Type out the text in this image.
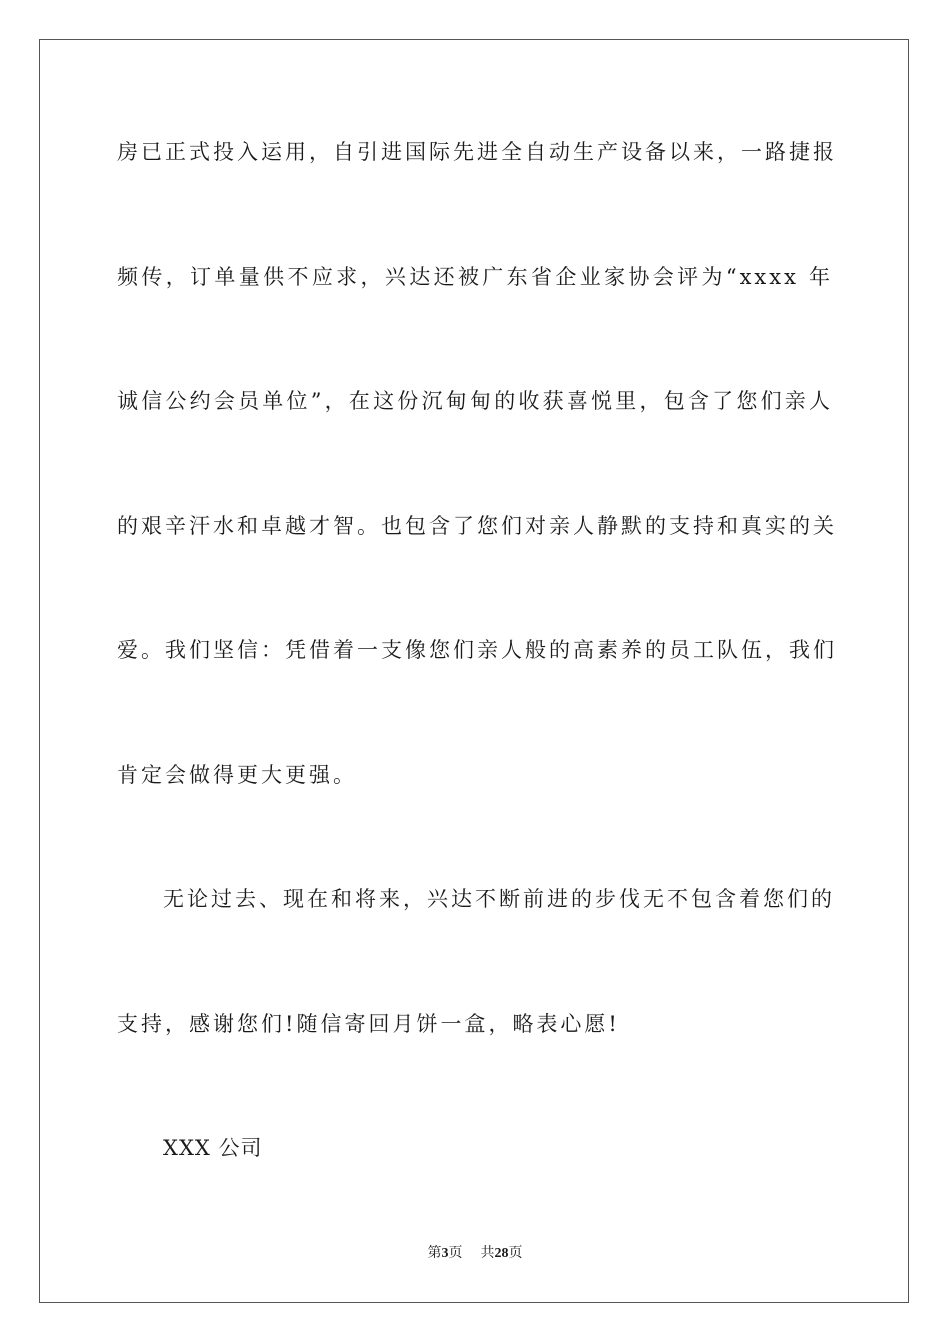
房已正式投入运用，自引进国际先进全自动生产设备以来，一路捷报
频传，订单量供不应求，兴达还被广东省企业家协会评为“xxxx 年
诚信公约会员单位”，在这份沉甸甸的收获喜悦里，包含了您们亲人
的艰辛汗水和卓越才智。也包含了您们对亲人静默的支持和真实的关
爱。我们坚信：凭借着一支像您们亲人般的高素养的员工队伍，我们
肯定会做得更大更强。
无论过去、现在和将来，兴达不断前进的步伐无不包含着您们的
支持，感谢您们!随信寄回月饼一盒，略表心愿!
XXX 公司
第3页 共28页
